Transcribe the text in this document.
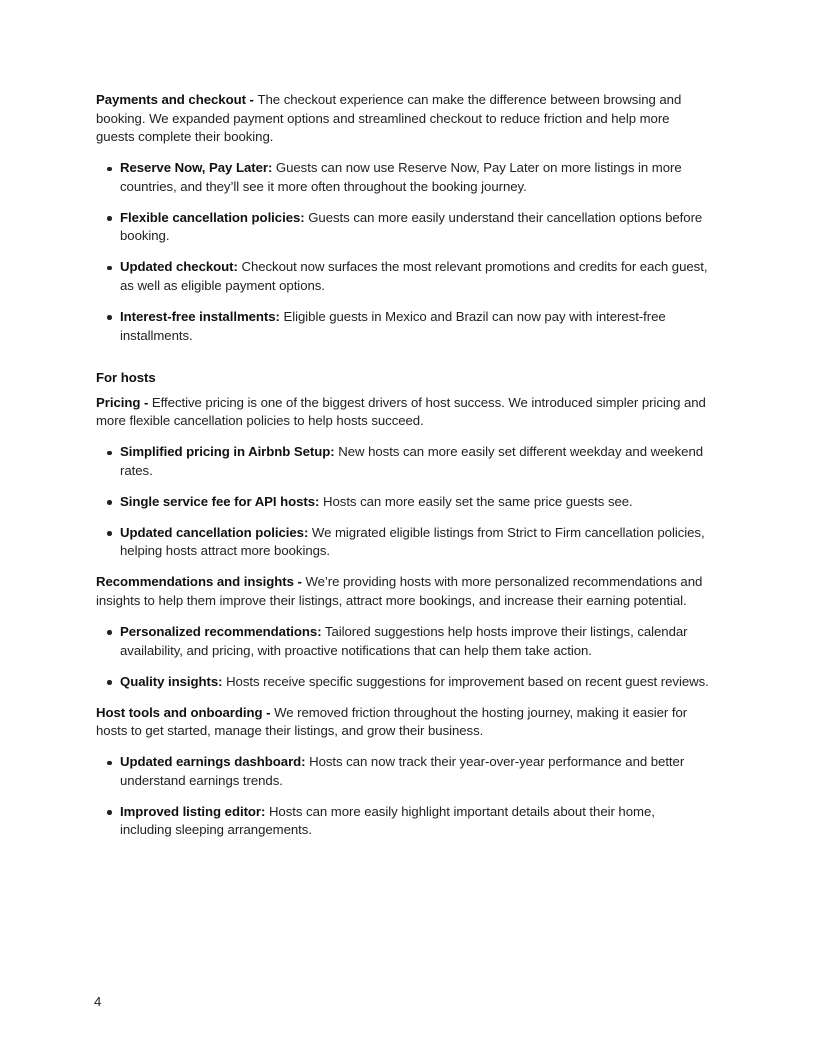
Payments and checkout - The checkout experience can make the difference between browsing and booking. We expanded payment options and streamlined checkout to reduce friction and help more guests complete their booking.

Reserve Now, Pay Later: Guests can now use Reserve Now, Pay Later on more listings in more countries, and they’ll see it more often throughout the booking journey.
Flexible cancellation policies: Guests can more easily understand their cancellation options before booking.
Updated checkout: Checkout now surfaces the most relevant promotions and credits for each guest, as well as eligible payment options.
Interest-free installments: Eligible guests in Mexico and Brazil can now pay with interest-free installments.
For hosts

Pricing - Effective pricing is one of the biggest drivers of host success. We introduced simpler pricing and more flexible cancellation policies to help hosts succeed.

Simplified pricing in Airbnb Setup: New hosts can more easily set different weekday and weekend rates.
Single service fee for API hosts: Hosts can more easily set the same price guests see.
Updated cancellation policies: We migrated eligible listings from Strict to Firm cancellation policies, helping hosts attract more bookings.

Recommendations and insights - We’re providing hosts with more personalized recommendations and insights to help them improve their listings, attract more bookings, and increase their earning potential.

Personalized recommendations: Tailored suggestions help hosts improve their listings, calendar availability, and pricing, with proactive notifications that can help them take action.
Quality insights: Hosts receive specific suggestions for improvement based on recent guest reviews.

Host tools and onboarding - We removed friction throughout the hosting journey, making it easier for hosts to get started, manage their listings, and grow their business.

Updated earnings dashboard: Hosts can now track their year-over-year performance and better understand earnings trends.
Improved listing editor: Hosts can more easily highlight important details about their home, including sleeping arrangements.
4
